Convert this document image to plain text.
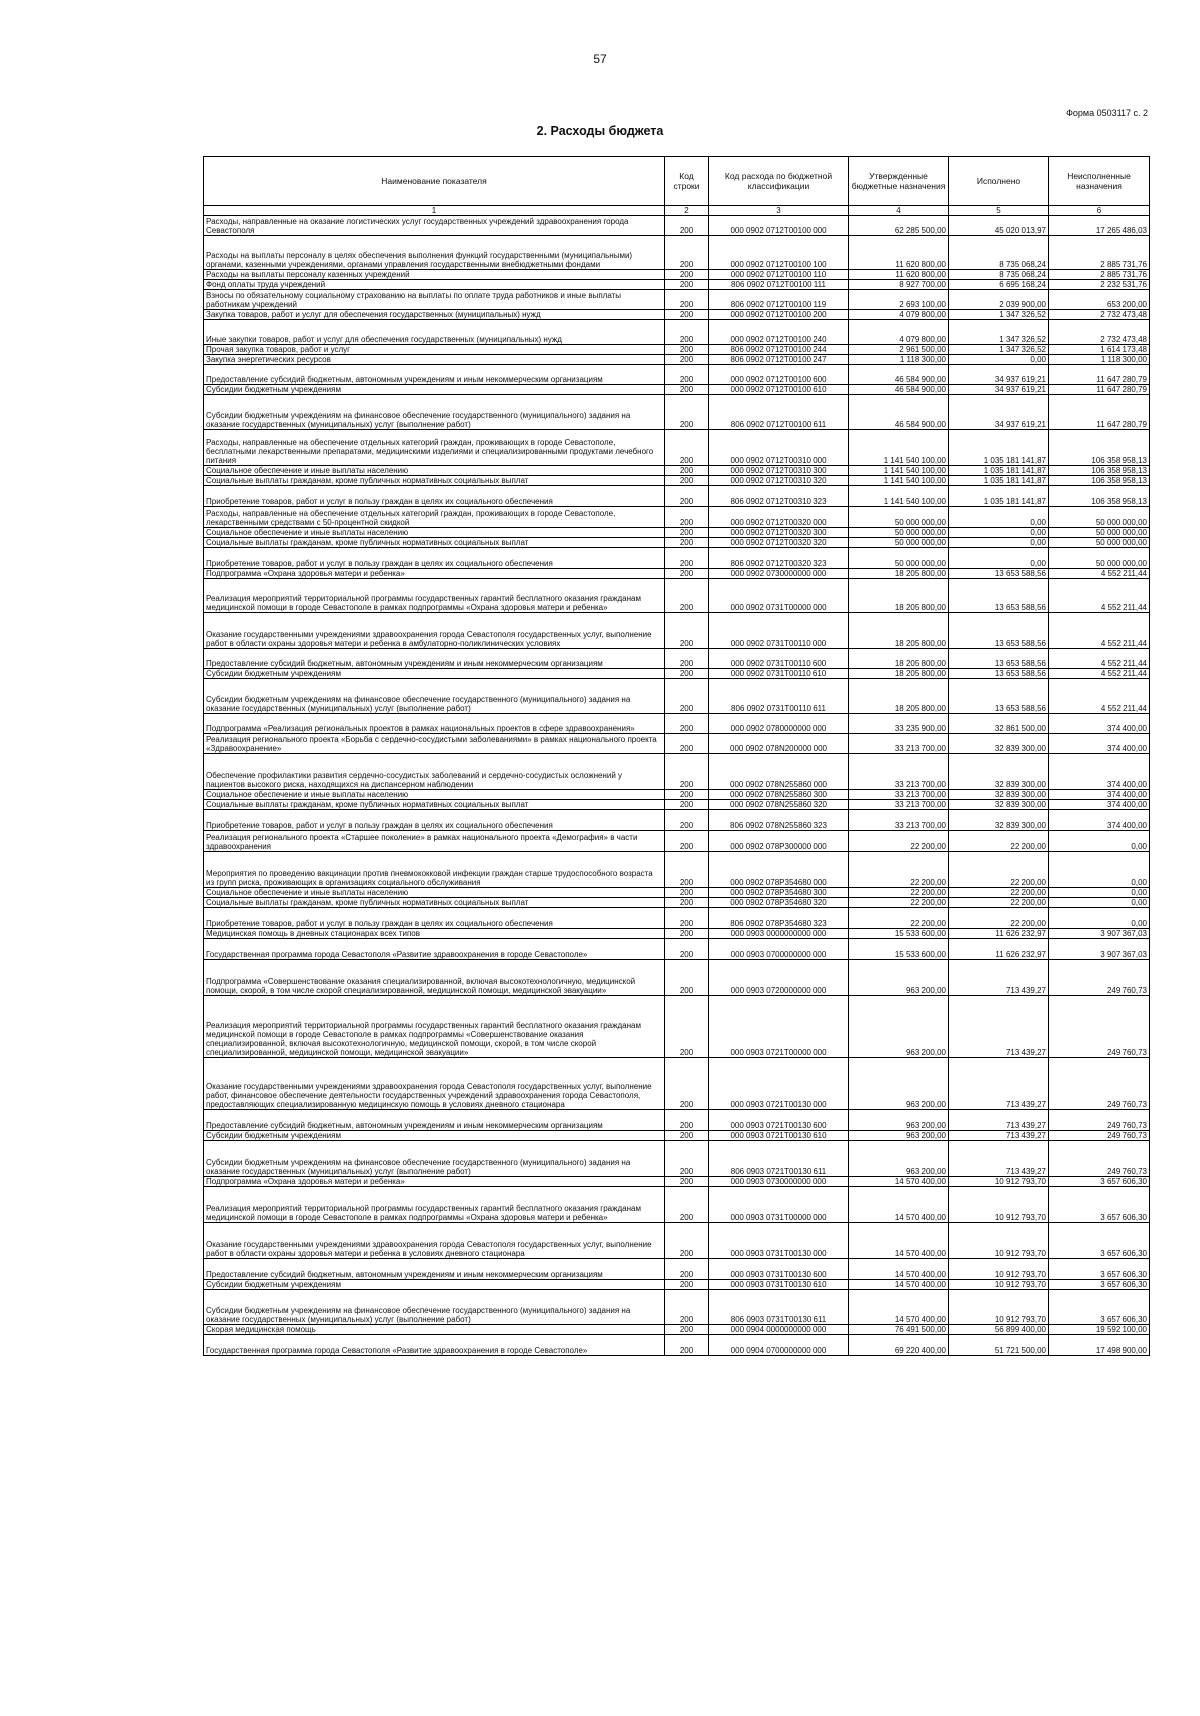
57
Форма 0503117 с. 2
2. Расходы бюджета
Наименование показателя	Код строки	Код расхода по бюджетной классификации	Утвержденные бюджетные назначения	Исполнено	Неисполненные назначения
1	2	3	4	5	6
Расходы, направленные на оказание логистических услуг государственных учреждений здравоохранения города Севастополя	200	000 0902 0712T00100 000	62 285 500,00	45 020 013,97	17 265 486,03
Расходы на выплаты персоналу в целях обеспечения выполнения функций государственными (муниципальными) органами, казенными учреждениями, органами управления государственными внебюджетными фондами	200	000 0902 0712T00100 100	11 620 800,00	8 735 068,24	2 885 731,76
Расходы на выплаты персоналу казенных учреждений	200	000 0902 0712T00100 110	11 620 800,00	8 735 068,24	2 885 731,76
Фонд оплаты труда учреждений	200	806 0902 0712T00100 111	8 927 700,00	6 695 168,24	2 232 531,76
Взносы по обязательному социальному страхованию на выплаты по оплате труда работников и иные выплаты работникам учреждений	200	806 0902 0712T00100 119	2 693 100,00	2 039 900,00	653 200,00
Закупка товаров, работ и услуг для обеспечения государственных (муниципальных) нужд	200	000 0902 0712T00100 200	4 079 800,00	1 347 326,52	2 732 473,48
Иные закупки товаров, работ и услуг для обеспечения государственных (муниципальных) нужд	200	000 0902 0712T00100 240	4 079 800,00	1 347 326,52	2 732 473,48
Прочая закупка товаров, работ и услуг	200	806 0902 0712T00100 244	2 961 500,00	1 347 326,52	1 614 173,48
Закупка энергетических ресурсов	200	806 0902 0712T00100 247	1 118 300,00	0,00	1 118 300,00
Предоставление субсидий бюджетным, автономным учреждениям и иным некоммерческим организациям	200	000 0902 0712T00100 600	46 584 900,00	34 937 619,21	11 647 280,79
Субсидии бюджетным учреждениям	200	000 0902 0712T00100 610	46 584 900,00	34 937 619,21	11 647 280,79
Субсидии бюджетным учреждениям на финансовое обеспечение государственного (муниципального) задания на оказание государственных (муниципальных) услуг (выполнение работ)	200	806 0902 0712T00100 611	46 584 900,00	34 937 619,21	11 647 280,79
Расходы, направленные на обеспечение отдельных категорий граждан, проживающих в городе Севастополе, бесплатными лекарственными препаратами, медицинскими изделиями и специализированными продуктами лечебного питания	200	000 0902 0712T00310 000	1 141 540 100,00	1 035 181 141,87	106 358 958,13
Социальное обеспечение и иные выплаты населению	200	000 0902 0712T00310 300	1 141 540 100,00	1 035 181 141,87	106 358 958,13
Социальные выплаты гражданам, кроме публичных нормативных социальных выплат	200	000 0902 0712T00310 320	1 141 540 100,00	1 035 181 141,87	106 358 958,13
Приобретение товаров, работ и услуг в пользу граждан в целях их социального обеспечения	200	806 0902 0712T00310 323	1 141 540 100,00	1 035 181 141,87	106 358 958,13
Расходы, направленные на обеспечение отдельных категорий граждан, проживающих в городе Севастополе, лекарственными средствами с 50-процентной скидкой	200	000 0902 0712T00320 000	50 000 000,00	0,00	50 000 000,00
Социальное обеспечение и иные выплаты населению	200	000 0902 0712T00320 300	50 000 000,00	0,00	50 000 000,00
Социальные выплаты гражданам, кроме публичных нормативных социальных выплат	200	000 0902 0712T00320 320	50 000 000,00	0,00	50 000 000,00
Приобретение товаров, работ и услуг в пользу граждан в целях их социального обеспечения	200	806 0902 0712T00320 323	50 000 000,00	0,00	50 000 000,00
Подпрограмма «Охрана здоровья матери и ребенка»	200	000 0902 0730000000 000	18 205 800,00	13 653 588,56	4 552 211,44
Реализация мероприятий территориальной программы государственных гарантий бесплатного оказания гражданам медицинской помощи в городе Севастополе в рамках подпрограммы «Охрана здоровья матери и ребенка»	200	000 0902 0731T00000 000	18 205 800,00	13 653 588,56	4 552 211,44
Оказание государственными учреждениями здравоохранения города Севастополя государственных услуг, выполнение работ в области охраны здоровья матери и ребенка в амбулаторно-поликлинических условиях	200	000 0902 0731T00110 000	18 205 800,00	13 653 588,56	4 552 211,44
Предоставление субсидий бюджетным, автономным учреждениям и иным некоммерческим организациям	200	000 0902 0731T00110 600	18 205 800,00	13 653 588,56	4 552 211,44
Субсидии бюджетным учреждениям	200	000 0902 0731T00110 610	18 205 800,00	13 653 588,56	4 552 211,44
Субсидии бюджетным учреждениям на финансовое обеспечение государственного (муниципального) задания на оказание государственных (муниципальных) услуг (выполнение работ)	200	806 0902 0731T00110 611	18 205 800,00	13 653 588,56	4 552 211,44
Подпрограмма «Реализация региональных проектов в рамках национальных проектов в сфере здравоохранения»	200	000 0902 0780000000 000	33 235 900,00	32 861 500,00	374 400,00
Реализация регионального проекта «Борьба с сердечно-сосудистыми заболеваниями» в рамках национального проекта «Здравоохранение»	200	000 0902 078N200000 000	33 213 700,00	32 839 300,00	374 400,00
Обеспечение профилактики развития сердечно-сосудистых заболеваний и сердечно-сосудистых осложнений у пациентов высокого риска, находящихся на диспансерном наблюдении	200	000 0902 078N255860 000	33 213 700,00	32 839 300,00	374 400,00
Социальное обеспечение и иные выплаты населению	200	000 0902 078N255860 300	33 213 700,00	32 839 300,00	374 400,00
Социальные выплаты гражданам, кроме публичных нормативных социальных выплат	200	000 0902 078N255860 320	33 213 700,00	32 839 300,00	374 400,00
Приобретение товаров, работ и услуг в пользу граждан в целях их социального обеспечения	200	806 0902 078N255860 323	33 213 700,00	32 839 300,00	374 400,00
Реализация регионального проекта «Старшее поколение» в рамках национального проекта «Демография» в части здравоохранения	200	000 0902 078P300000 000	22 200,00	22 200,00	0,00
Мероприятия по проведению вакцинации против пневмококковой инфекции граждан старше трудоспособного возраста из групп риска, проживающих в организациях социального обслуживания	200	000 0902 078P354680 000	22 200,00	22 200,00	0,00
Социальное обеспечение и иные выплаты населению	200	000 0902 078P354680 300	22 200,00	22 200,00	0,00
Социальные выплаты гражданам, кроме публичных нормативных социальных выплат	200	000 0902 078P354680 320	22 200,00	22 200,00	0,00
Приобретение товаров, работ и услуг в пользу граждан в целях их социального обеспечения	200	806 0902 078P354680 323	22 200,00	22 200,00	0,00
Медицинская помощь в дневных стационарах всех типов	200	000 0903 0000000000 000	15 533 600,00	11 626 232,97	3 907 367,03
Государственная программа города Севастополя «Развитие здравоохранения в городе Севастополе»	200	000 0903 0700000000 000	15 533 600,00	11 626 232,97	3 907 367,03
Подпрограмма «Совершенствование оказания специализированной, включая высокотехнологичную, медицинской помощи, скорой, в том числе скорой специализированной, медицинской помощи, медицинской эвакуации»	200	000 0903 0720000000 000	963 200,00	713 439,27	249 760,73
Реализация мероприятий территориальной программы государственных гарантий бесплатного оказания гражданам медицинской помощи в городе Севастополе в рамках подпрограммы «Совершенствование оказания специализированной, включая высокотехнологичную, медицинской помощи, скорой, в том числе скорой специализированной, медицинской помощи, медицинской эвакуации»	200	000 0903 0721T00000 000	963 200,00	713 439,27	249 760,73
Оказание государственными учреждениями здравоохранения города Севастополя государственных услуг, выполнение работ, финансовое обеспечение деятельности государственных учреждений здравоохранения города Севастополя, предоставляющих специализированную медицинскую помощь в условиях дневного стационара	200	000 0903 0721T00130 000	963 200,00	713 439,27	249 760,73
Предоставление субсидий бюджетным, автономным учреждениям и иным некоммерческим организациям	200	000 0903 0721T00130 600	963 200,00	713 439,27	249 760,73
Субсидии бюджетным учреждениям	200	000 0903 0721T00130 610	963 200,00	713 439,27	249 760,73
Субсидии бюджетным учреждениям на финансовое обеспечение государственного (муниципального) задания на оказание государственных (муниципальных) услуг (выполнение работ)	200	806 0903 0721T00130 611	963 200,00	713 439,27	249 760,73
Подпрограмма «Охрана здоровья матери и ребенка»	200	000 0903 0730000000 000	14 570 400,00	10 912 793,70	3 657 606,30
Реализация мероприятий территориальной программы государственных гарантий бесплатного оказания гражданам медицинской помощи в городе Севастополе в рамках подпрограммы «Охрана здоровья матери и ребенка»	200	000 0903 0731T00000 000	14 570 400,00	10 912 793,70	3 657 606,30
Оказание государственными учреждениями здравоохранения города Севастополя государственных услуг, выполнение работ в области охраны здоровья матери и ребенка в условиях дневного стационара	200	000 0903 0731T00130 000	14 570 400,00	10 912 793,70	3 657 606,30
Предоставление субсидий бюджетным, автономным учреждениям и иным некоммерческим организациям	200	000 0903 0731T00130 600	14 570 400,00	10 912 793,70	3 657 606,30
Субсидии бюджетным учреждениям	200	000 0903 0731T00130 610	14 570 400,00	10 912 793,70	3 657 606,30
Субсидии бюджетным учреждениям на финансовое обеспечение государственного (муниципального) задания на оказание государственных (муниципальных) услуг (выполнение работ)	200	806 0903 0731T00130 611	14 570 400,00	10 912 793,70	3 657 606,30
Скорая медицинская помощь	200	000 0904 0000000000 000	76 491 500,00	56 899 400,00	19 592 100,00
Государственная программа города Севастополя «Развитие здравоохранения в городе Севастополе»	200	000 0904 0700000000 000	69 220 400,00	51 721 500,00	17 498 900,00
